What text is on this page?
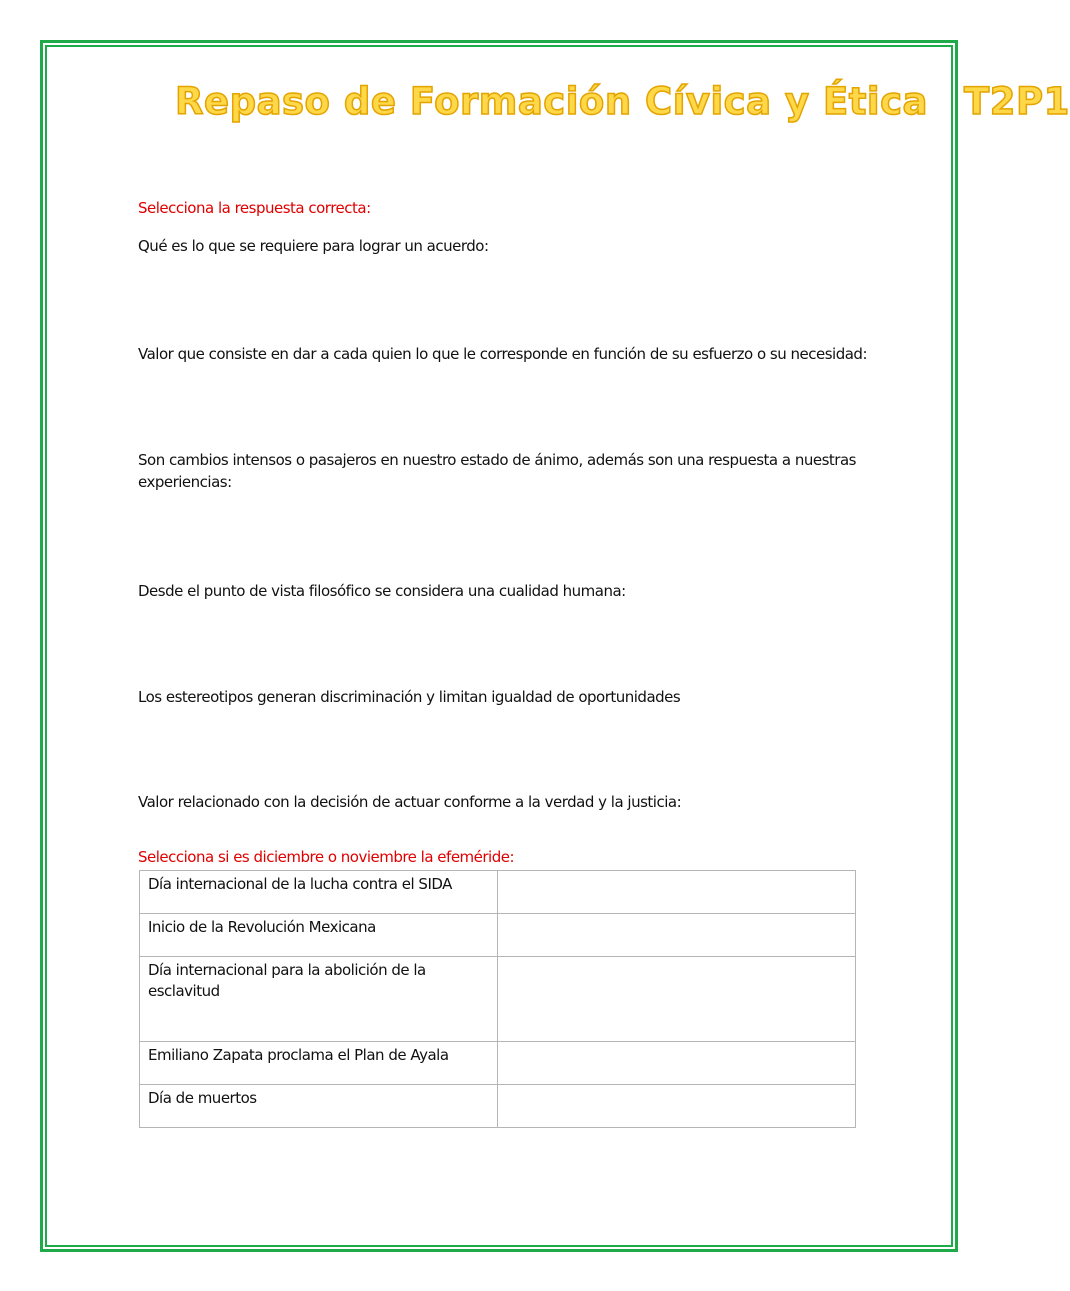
Repaso de Formación Cívica y Ética T2P1
Selecciona la respuesta correcta:
Qué es lo que se requiere para lograr un acuerdo:
Valor que consiste en dar a cada quien lo que le corresponde en función de su esfuerzo o su necesidad:
Son cambios intensos o pasajeros en nuestro estado de ánimo, además son una respuesta a nuestras experiencias:
Desde el punto de vista filosófico se considera una cualidad humana:
Los estereotipos generan discriminación y limitan igualdad de oportunidades
Valor relacionado con la decisión de actuar conforme a la verdad y la justicia:
Selecciona si es diciembre o noviembre la efeméride:
Día internacional de la lucha contra el SIDA	
Inicio de la Revolución Mexicana	
Día internacional para la abolición de la esclavitud	
Emiliano Zapata proclama el Plan de Ayala	
Día de muertos	
